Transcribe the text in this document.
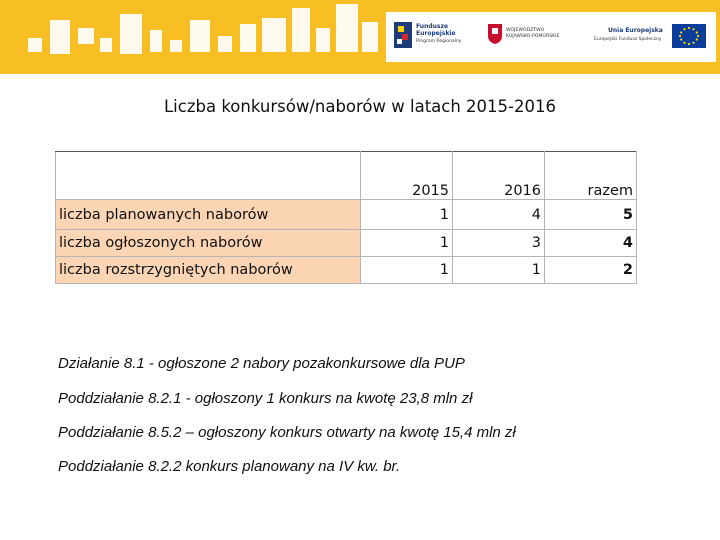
Fundusze
Europejskie
Program Regionalny
WOJEWÓDZTWO
KUJAWSKO-POMORSKIE
Unia Europejska
Europejski Fundusz Społeczny
Liczba konkursów/naborów w latach 2015-2016
	2015	2016	razem
liczba planowanych naborów	1	4	5
liczba ogłoszonych naborów	1	3	4
liczba rozstrzygniętych naborów	1	1	2
Działanie 8.1 - ogłoszone 2 nabory pozakonkursowe dla PUP
Poddziałanie 8.2.1 - ogłoszony 1 konkurs na kwotę 23,8 mln zł
Poddziałanie 8.5.2 – ogłoszony konkurs otwarty na kwotę 15,4 mln zł
Poddziałanie 8.2.2 konkurs planowany na IV kw. br.
